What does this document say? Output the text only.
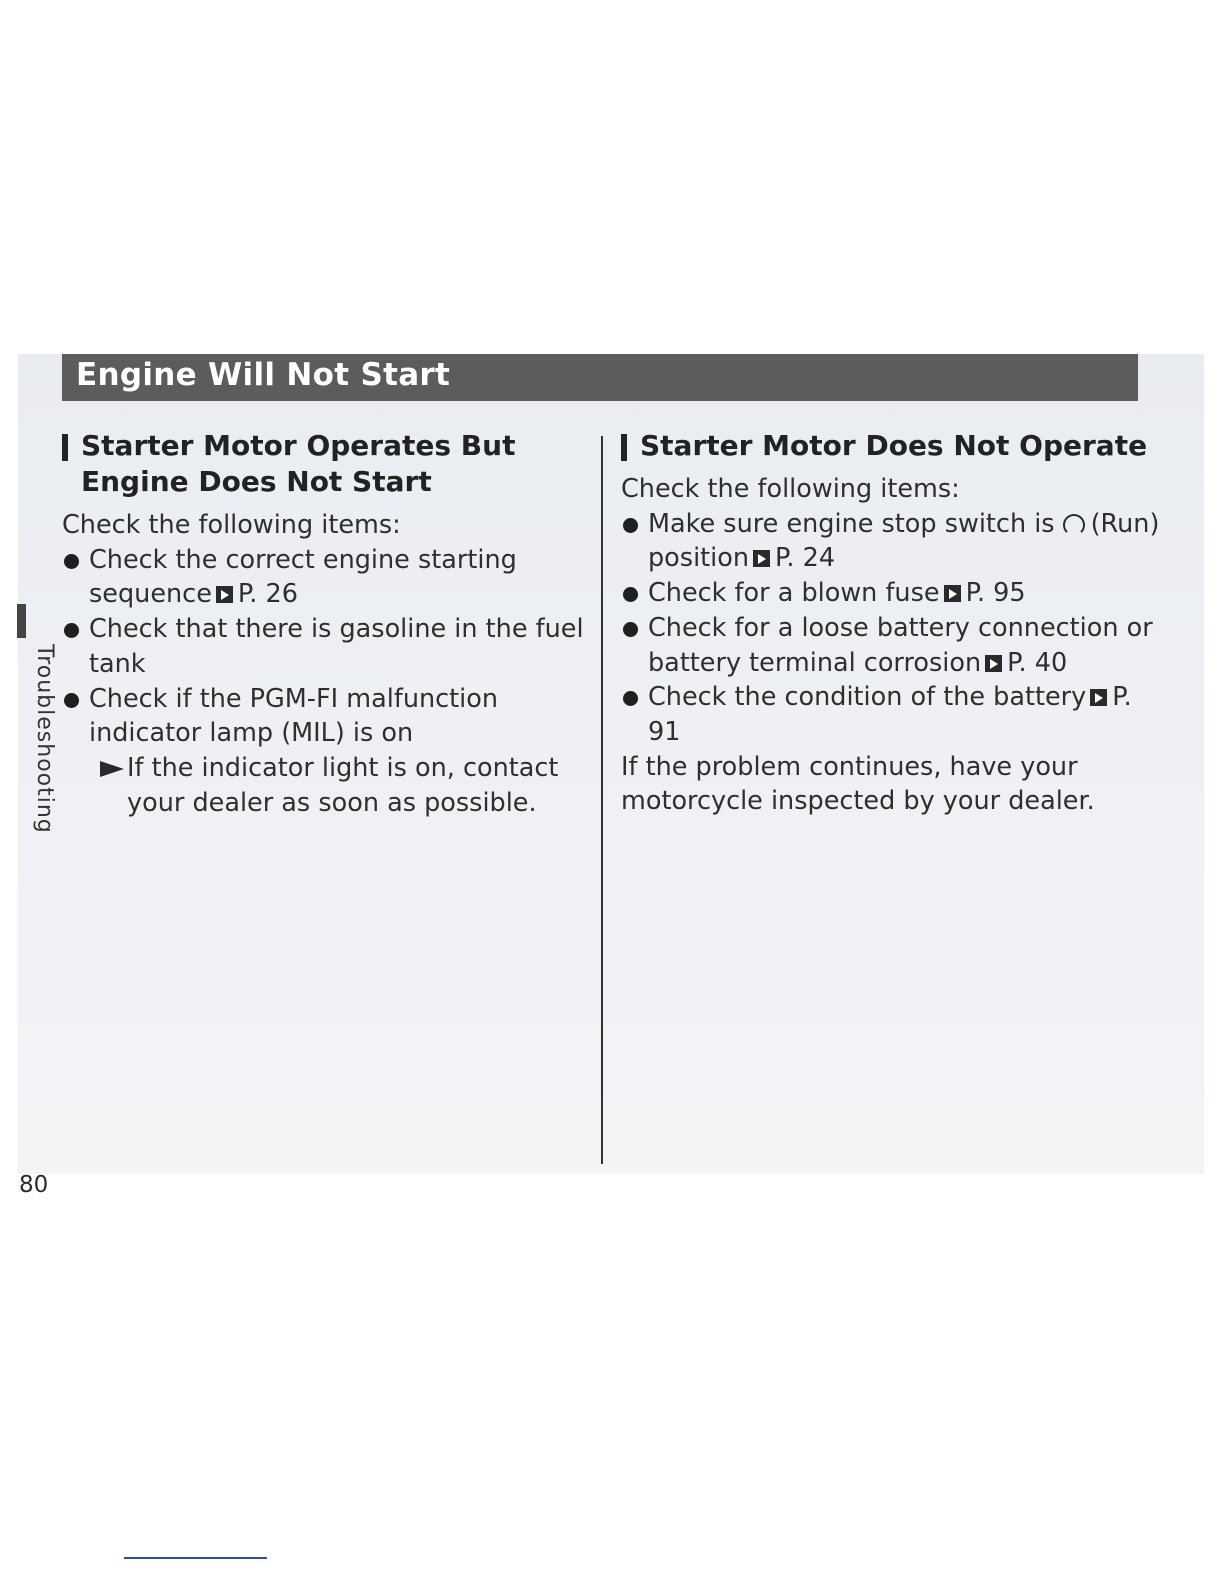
Engine Will Not Start
Troubleshooting
Starter Motor Operates But Engine Does Not Start

Check the following items:

Check the correct engine starting sequence P. 26

Check that there is gasoline in the fuel tank

Check if the PGM-FI malfunction indicator lamp (MIL) is on

If the indicator light is on, contact your dealer as soon as possible.

Starter Motor Does Not Operate

Check the following items:

Make sure engine stop switch is (Run) position P. 24

Check for a blown fuse P. 95

Check for a loose battery connection or battery terminal corrosion P. 40

Check the condition of the battery P. 91

If the problem continues, have your motorcycle inspected by your dealer.

80
